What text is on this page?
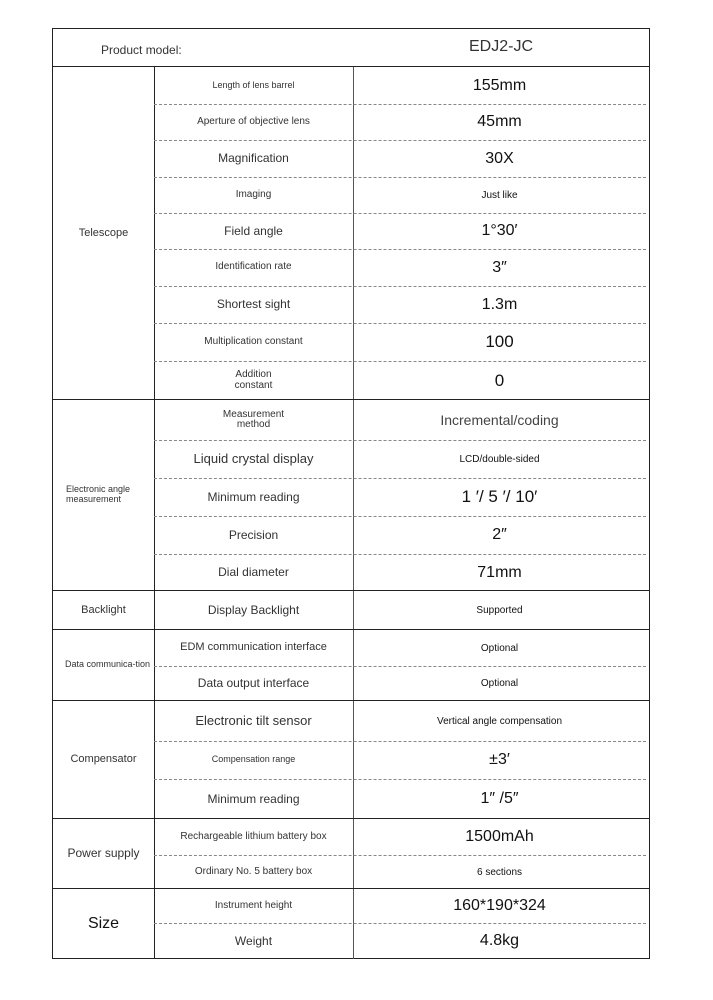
Product model:	EDJ2-JC
Telescope
Length of lens barrel	155mm
Aperture of objective lens	45mm
Magnification	30X
Imaging	Just like
Field angle	1°30′
Identification rate	3″
Shortest sight	1.3m
Multiplication constant	100
Addition constant	0
Electronic angle measurement
Measurement method	Incremental/coding
Liquid crystal display	LCD/double-sided
Minimum reading	1 ′/ 5 ′/ 10′
Precision	2″
Dial diameter	71mm
Backlight	Display Backlight	Supported
Data communica-tion
EDM communication interface	Optional
Data output interface	Optional
Compensator
Electronic tilt sensor	Vertical angle compensation
Compensation range	±3′
Minimum reading	1″ /5″
Power supply
Rechargeable lithium battery box	1500mAh
Ordinary No. 5 battery box	6 sections
Size
Instrument height	160*190*324
Weight	4.8kg
